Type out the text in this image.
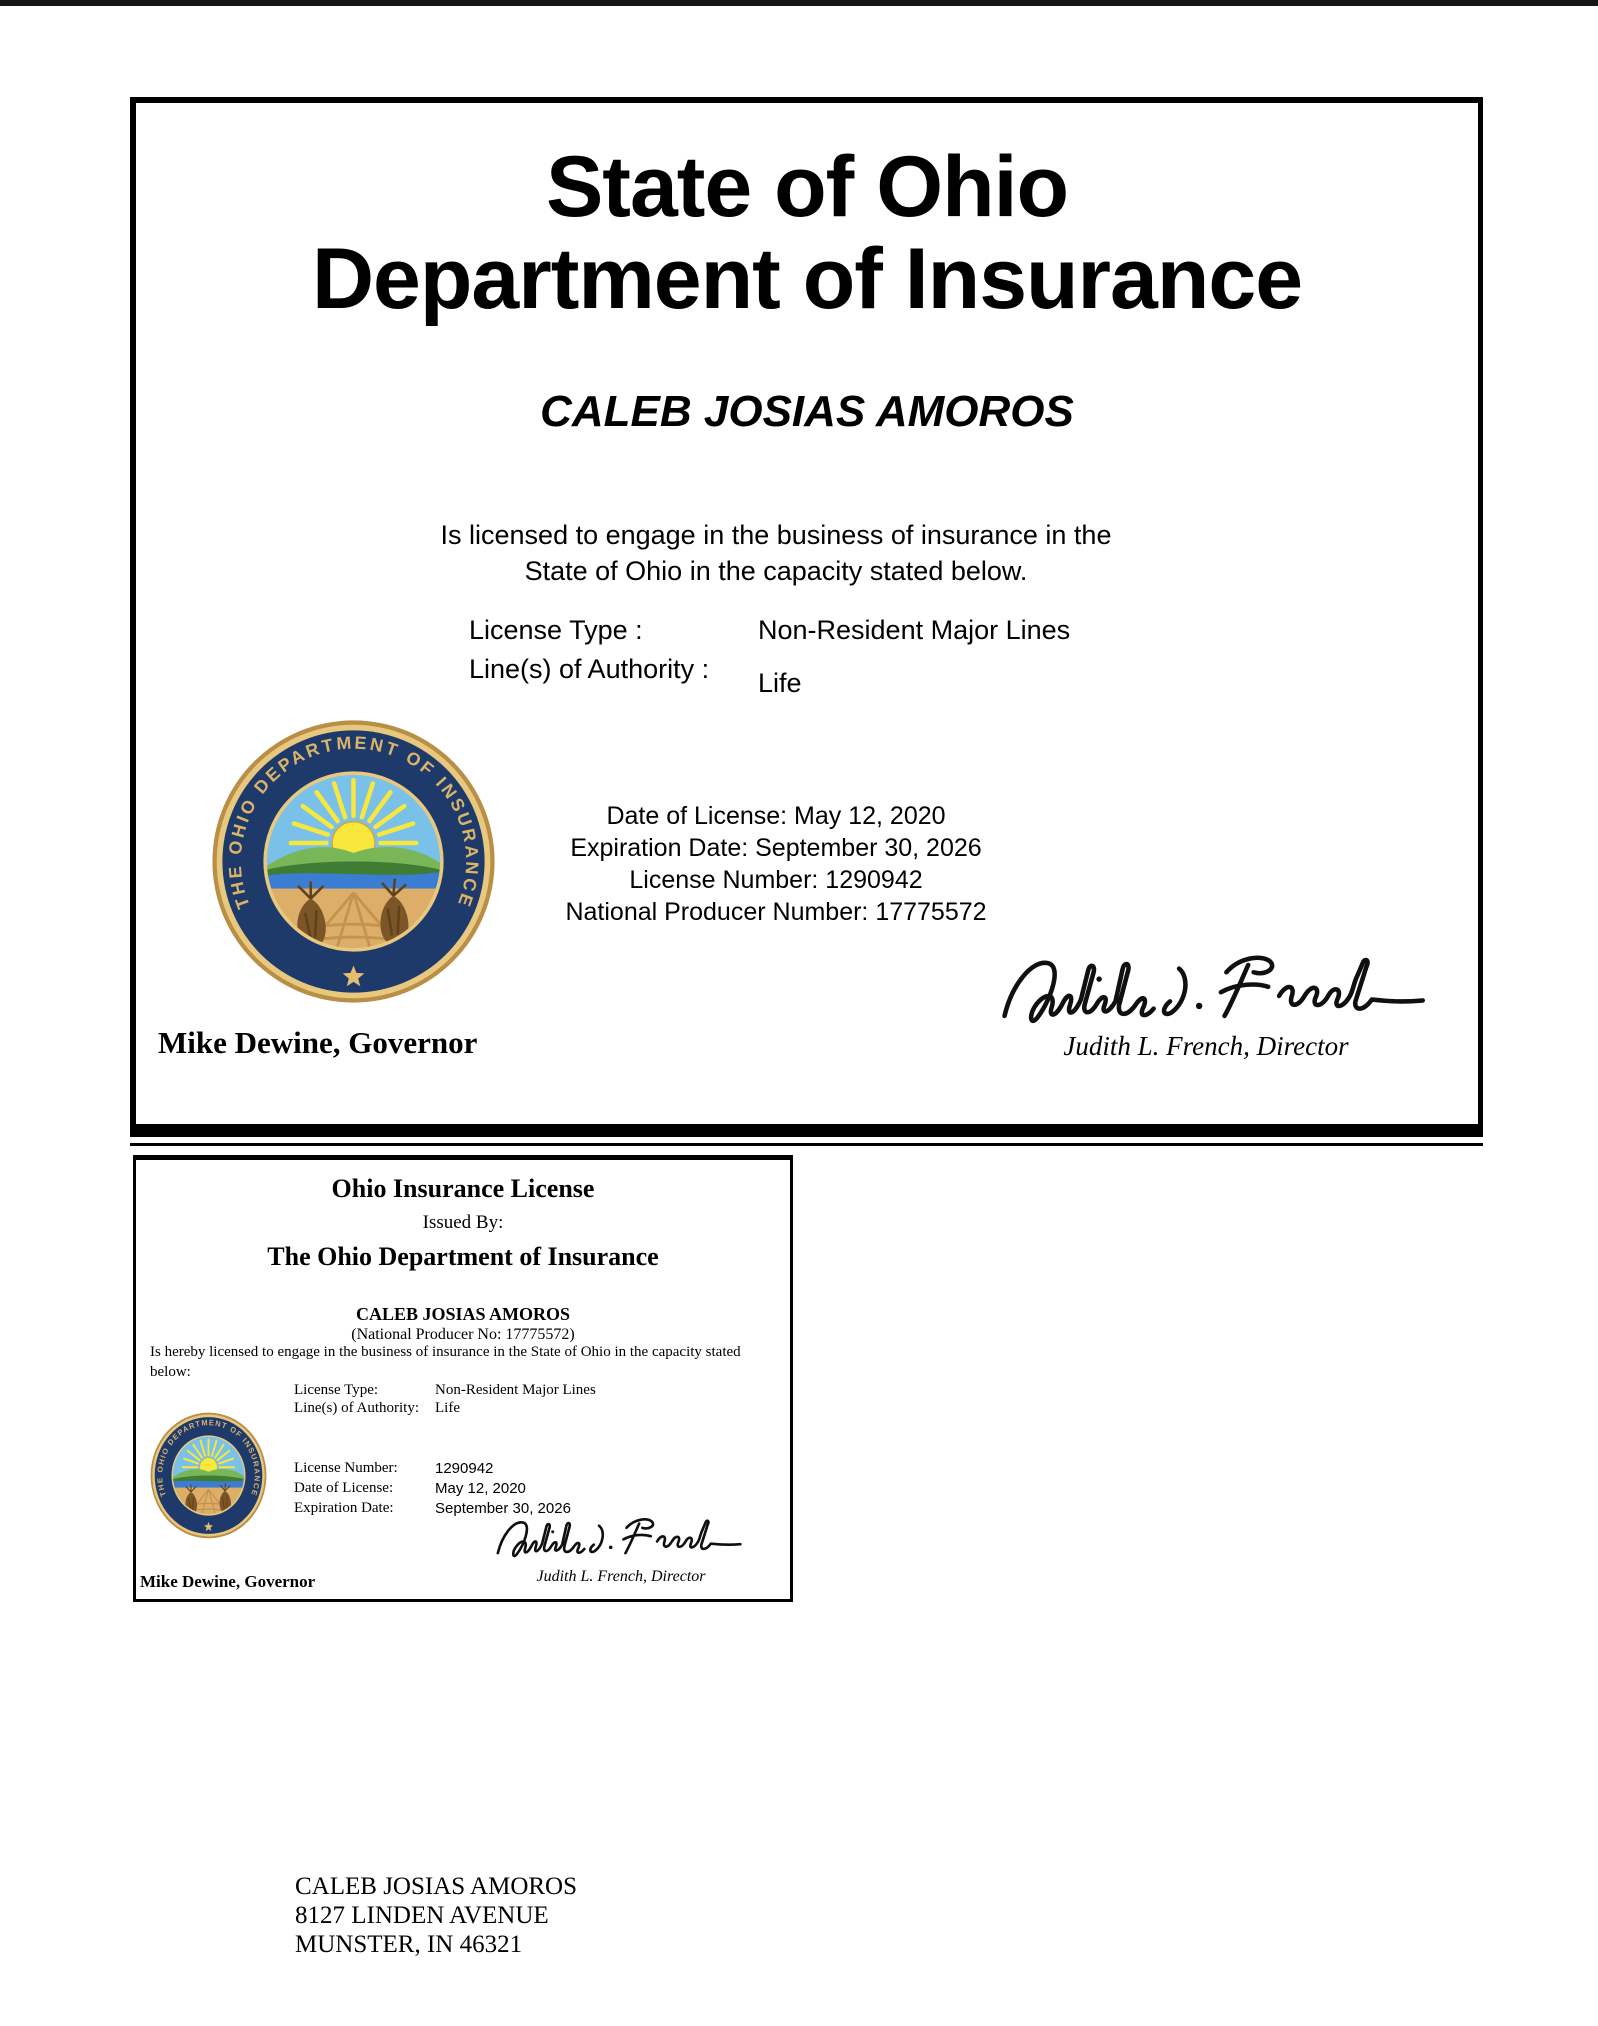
State of Ohio
Department of Insurance
CALEB JOSIAS AMOROS
Is licensed to engage in the business of insurance in the
State of Ohio in the capacity stated below.
License Type :	Non-Resident Major Lines
Line(s) of Authority : Life
Date of License: May 12, 2020
Expiration Date: September 30, 2026
License Number: 1290942
National Producer Number: 17775572
Mike Dewine, Governor	Judith L. French, Director
Ohio Insurance License
Issued By:
The Ohio Department of Insurance
CALEB JOSIAS AMOROS
(National Producer No: 17775572)
Is hereby licensed to engage in the business of insurance in the State of Ohio in the capacity stated below:
License Type:	Non-Resident Major Lines
Line(s) of Authority: Life
License Number: 1290942
Date of License:	May 12, 2020
Expiration Date:	September 30, 2026
Mike Dewine, Governor	Judith L. French, Director
CALEB JOSIAS AMOROS
8127 LINDEN AVENUE
MUNSTER, IN 46321
